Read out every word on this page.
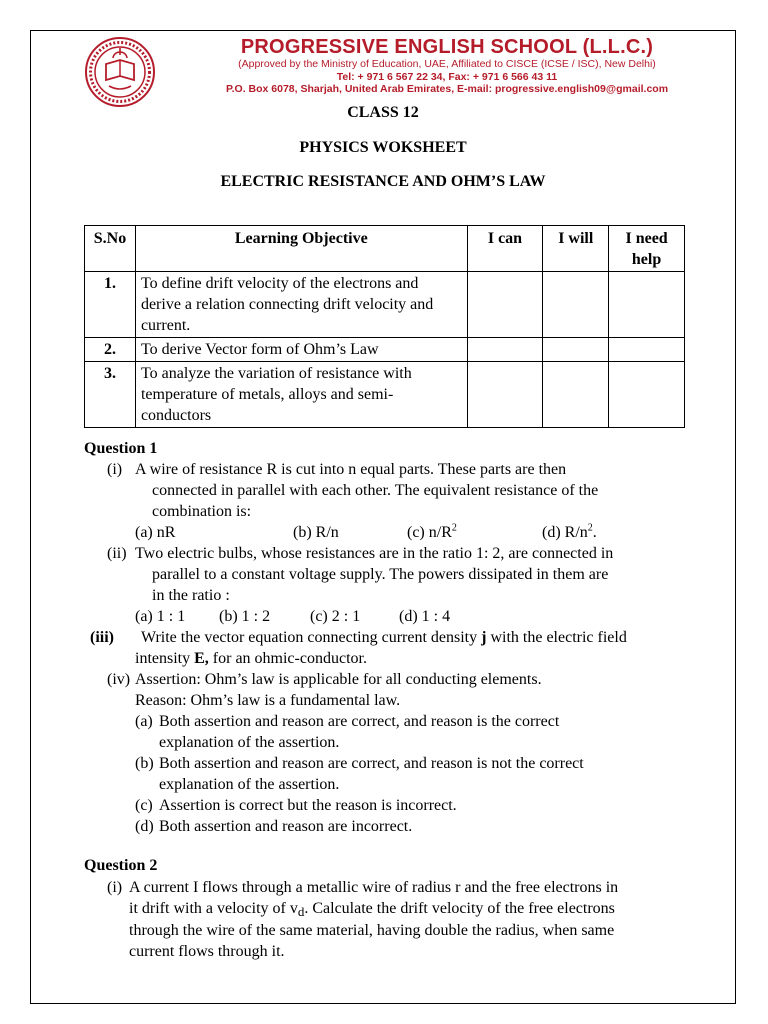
PROGRESSIVE ENGLISH SCHOOL (L.L.C.)
(Approved by the Ministry of Education, UAE, Affiliated to CISCE (ICSE / ISC), New Delhi)
Tel: + 971 6 567 22 34, Fax: + 971 6 566 43 11
P.O. Box 6078, Sharjah, United Arab Emirates, E-mail: progressive.english09@gmail.com
CLASS 12
PHYSICS WOKSHEET
ELECTRIC RESISTANCE AND OHM’S LAW
S.No	Learning Objective	I can	I will	I need help
1.	To define drift velocity of the electrons and derive a relation connecting drift velocity and current.			
2.	To derive Vector form of Ohm’s Law			
3.	To analyze the variation of resistance with temperature of metals, alloys and semi-conductors			
Question 1
(i) A wire of resistance R is cut into n equal parts. These parts are then
connected in parallel with each other. The equivalent resistance of the
combination is:
(a) nR	(b) R/n	(c) $n/R^2$	(d) $R/n^2$.
(ii) Two electric bulbs, whose resistances are in the ratio 1: 2, are connected in
parallel to a constant voltage supply. The powers dissipated in them are
in the ratio :
(a) 1 : 1 (b) 1 : 2 (c) 2 : 1 (d) 1 : 4
(iii) Write the vector equation connecting current density j with the electric field
intensity E, for an ohmic-conductor.
(iv) Assertion: Ohm’s law is applicable for all conducting elements.
Reason: Ohm’s law is a fundamental law.
(a) Both assertion and reason are correct, and reason is the correct
explanation of the assertion.
(b) Both assertion and reason are correct, and reason is not the correct
explanation of the assertion.
(c) Assertion is correct but the reason is incorrect.
(d) Both assertion and reason are incorrect.
Question 2
(i) A current I flows through a metallic wire of radius r and the free electrons in
it drift with a velocity of $v_d$. Calculate the drift velocity of the free electrons
through the wire of the same material, having double the radius, when same
current flows through it.
